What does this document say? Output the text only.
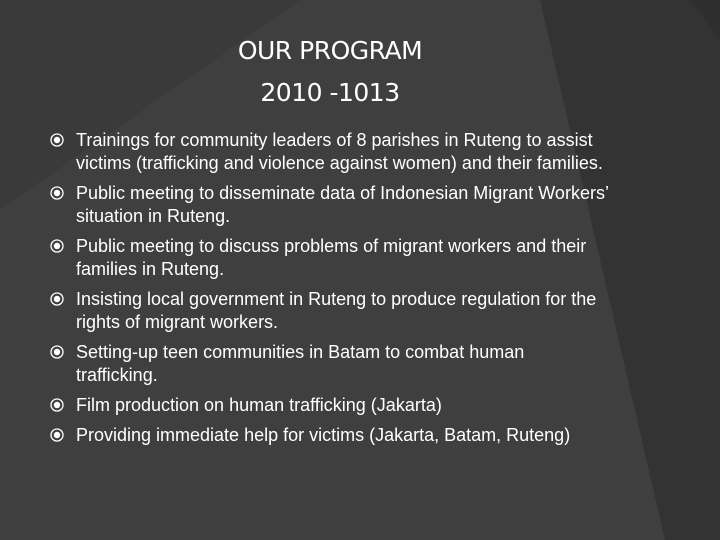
OUR PROGRAM
2010 -1013
Trainings for community leaders of 8 parishes in Ruteng to assist victims (trafficking and violence against women) and their families.
Public meeting to disseminate data of Indonesian Migrant Workers’ situation in Ruteng.
Public meeting to discuss problems of migrant workers and their families in Ruteng.
Insisting local government in Ruteng to produce regulation for the rights of migrant workers.
Setting-up teen communities in Batam to combat human trafficking.
Film production on human trafficking (Jakarta)
Providing immediate help for victims (Jakarta, Batam, Ruteng)
